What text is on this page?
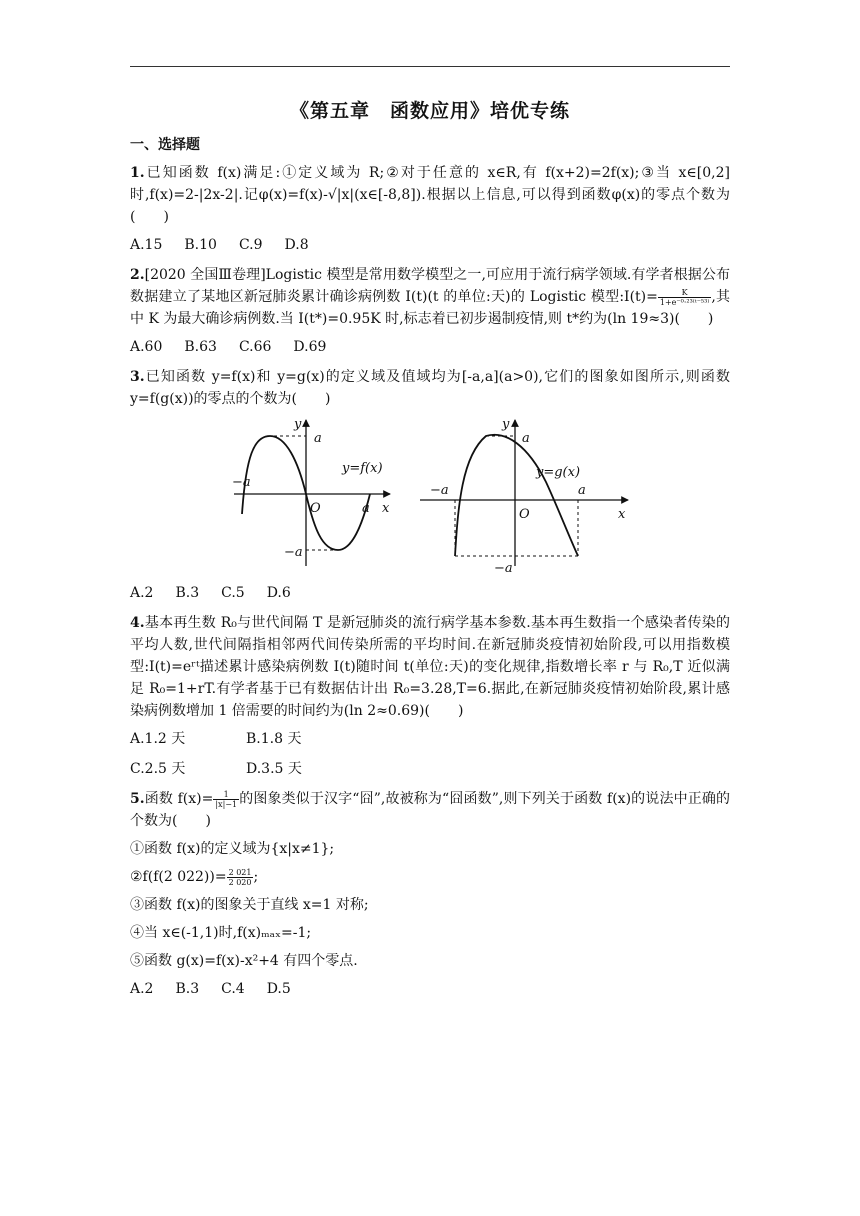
《第五章　函数应用》培优专练
一、选择题
1.已知函数 f(x)满足:①定义域为 R;②对于任意的 x∈R,有 f(x+2)=2f(x);③当 x∈[0,2]时,f(x)=2-|2x-2|.记φ(x)=f(x)-√|x|(x∈[-8,8]).根据以上信息,可以得到函数φ(x)的零点个数为(　　)
A.15 B.10 C.9 D.8
2.[2020 全国Ⅲ卷理]Logistic 模型是常用数学模型之一,可应用于流行病学领域.有学者根据公布数据建立了某地区新冠肺炎累计确诊病例数 I(t)(t 的单位:天)的 Logistic 模型:I(t)= $\frac{K}{\text{1+e⁻⁰·²³⁽ᵗ⁻⁵³⁾}}$ ,其中 K 为最大确诊病例数.当 I(t*)=0.95K 时,标志着已初步遏制疫情,则 t*约为(ln 19≈3)(　　)
A.60 B.63 C.66 D.69
3.已知函数 y=f(x)和 y=g(x)的定义域及值域均为[-a,a](a>0),它们的图象如图所示,则函数 y=f(g(x))的零点的个数为(　　)
y
a
−a
O	a x
−a
y=f(x)
y
a
−a
O
a
x
−a
y=g(x)
A.2 B.3 C.5 D.6
4.基本再生数 R₀与世代间隔 T 是新冠肺炎的流行病学基本参数.基本再生数指一个感染者传染的平均人数,世代间隔指相邻两代间传染所需的平均时间.在新冠肺炎疫情初始阶段,可以用指数模型:I(t)=eʳᵗ描述累计感染病例数 I(t)随时间 t(单位:天)的变化规律,指数增长率 r 与 R₀,T 近似满足 R₀=1+rT.有学者基于已有数据估计出 R₀=3.28,T=6.据此,在新冠肺炎疫情初始阶段,累计感染病例数增加 1 倍需要的时间约为(ln 2≈0.69)(　　)
A.1.2 天	B.1.8 天
C.2.5 天	D.3.5 天
5.函数 $f(x)= \frac{1}{|x|-1}$ 的图象类似于汉字“囧”,故被称为“囧函数”,则下列关于函数 f(x)的说法中正确的个数为(　　)
①函数 f(x)的定义域为{x|x≠1};
②f(f(2 $022))= \frac{2 021}{2 020}$ ;
③函数 f(x)的图象关于直线 x=1 对称;
④当 x∈(-1,1)时,f(x)ₘₐₓ=-1;
⑤函数 g(x)=f(x)-x²+4 有四个零点.
A.2 B.3 C.4 D.5
